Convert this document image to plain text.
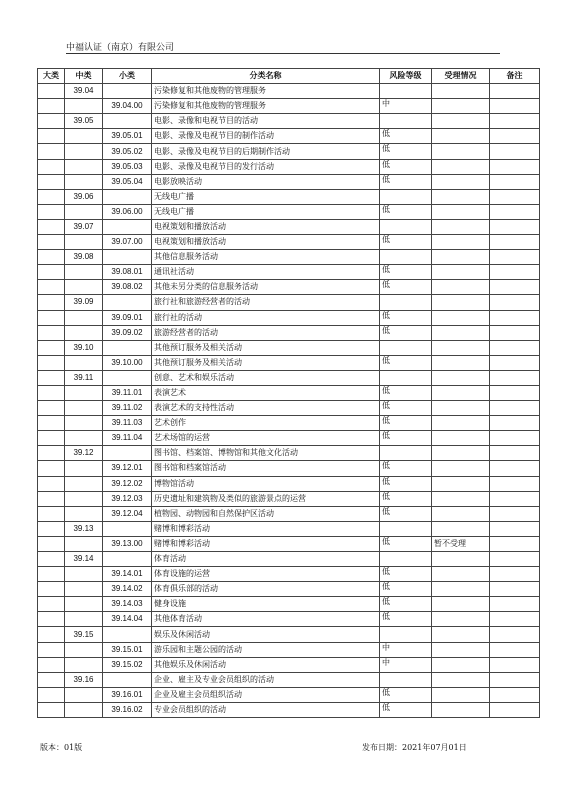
中福认证（南京）有限公司
大类	中类	小类	分类名称	风险等级	受理情况	备注
	39.04		污染修复和其他废物的管理服务			
		39.04.00	污染修复和其他废物的管理服务	中		
	39.05		电影、录像和电视节目的活动			
		39.05.01	电影、录像及电视节目的制作活动	低		
		39.05.02	电影、录像及电视节目的后期制作活动	低		
		39.05.03	电影、录像及电视节目的发行活动	低		
		39.05.04	电影放映活动	低		
	39.06		无线电广播			
		39.06.00	无线电广播	低		
	39.07		电视策划和播放活动			
		39.07.00	电视策划和播放活动	低		
	39.08		其他信息服务活动			
		39.08.01	通讯社活动	低		
		39.08.02	其他未另分类的信息服务活动	低		
	39.09		旅行社和旅游经营者的活动			
		39.09.01	旅行社的活动	低		
		39.09.02	旅游经营者的活动	低		
	39.10		其他预订服务及相关活动			
		39.10.00	其他预订服务及相关活动	低		
	39.11		创意、艺术和娱乐活动			
		39.11.01	表演艺术	低		
		39.11.02	表演艺术的支持性活动	低		
		39.11.03	艺术创作	低		
		39.11.04	艺术场馆的运营	低		
	39.12		图书馆、档案馆、博物馆和其他文化活动			
		39.12.01	图书馆和档案馆活动	低		
		39.12.02	博物馆活动	低		
		39.12.03	历史遗址和建筑物及类似的旅游景点的运营	低		
		39.12.04	植物园、动物园和自然保护区活动	低		
	39.13		赌博和博彩活动			
		39.13.00	赌博和博彩活动	低	暂不受理	
	39.14		体育活动			
		39.14.01	体育设施的运营	低		
		39.14.02	体育俱乐部的活动	低		
		39.14.03	健身设施	低		
		39.14.04	其他体育活动	低		
	39.15		娱乐及休闲活动			
		39.15.01	游乐园和主题公园的活动	中		
		39.15.02	其他娱乐及休闲活动	中		
	39.16		企业、雇主及专业会员组织的活动			
		39.16.01	企业及雇主会员组织活动	低		
		39.16.02	专业会员组织的活动	低		
版本：01版	发布日期：2021年07月01日
